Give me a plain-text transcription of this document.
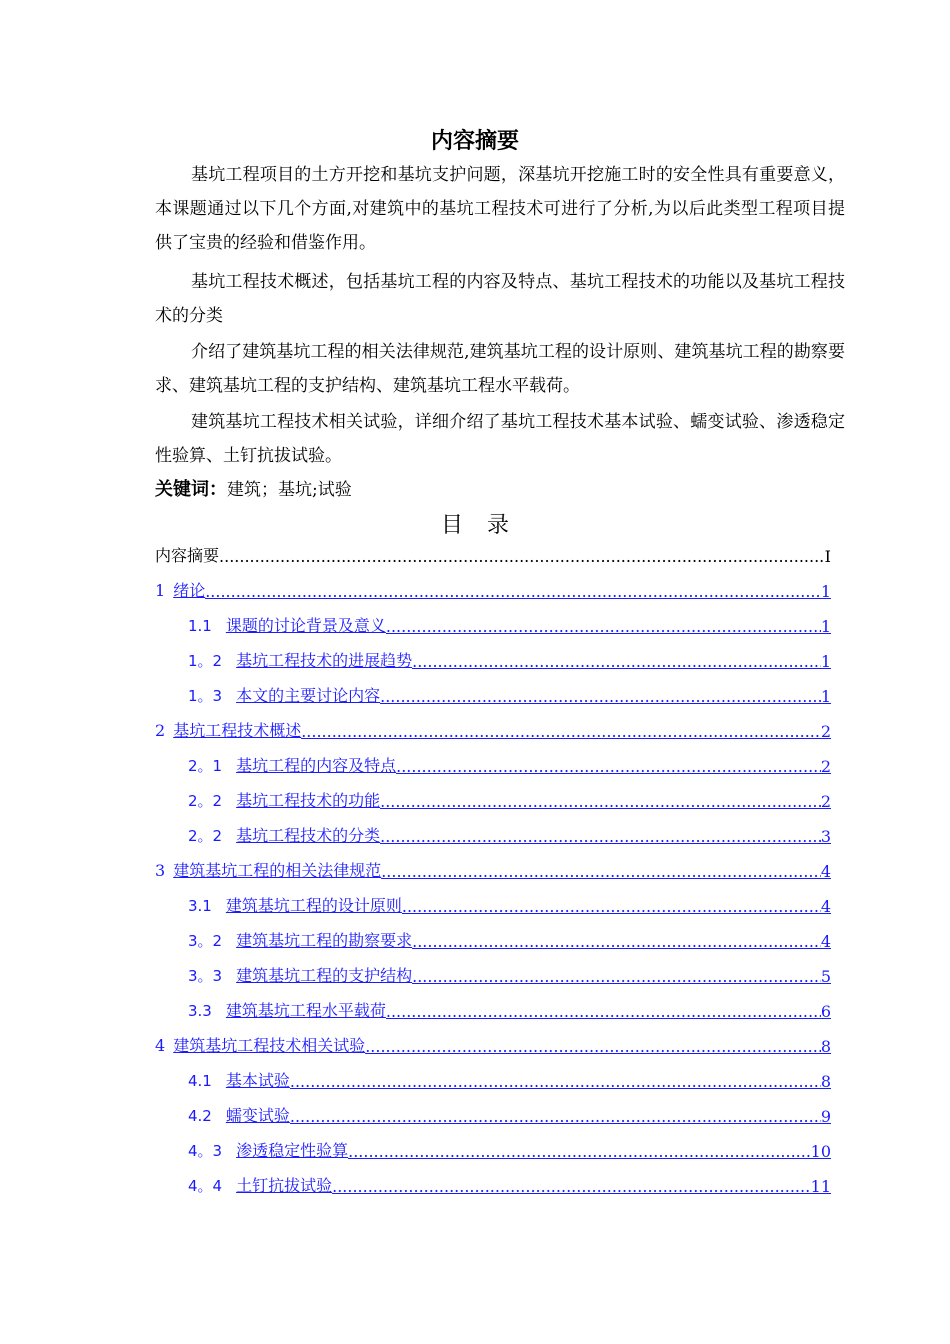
内容摘要

基坑工程项目的土方开挖和基坑支护问题，深基坑开挖施工时的安全性具有重要意义，本课题通过以下几个方面,对建筑中的基坑工程技术可进行了分析,为以后此类型工程项目提供了宝贵的经验和借鉴作用。

基坑工程技术概述，包括基坑工程的内容及特点、基坑工程技术的功能以及基坑工程技术的分类

介绍了建筑基坑工程的相关法律规范,建筑基坑工程的设计原则、建筑基坑工程的勘察要求、建筑基坑工程的支护结构、建筑基坑工程水平载荷。

建筑基坑工程技术相关试验，详细介绍了基坑工程技术基本试验、蠕变试验、渗透稳定性验算、土钉抗拔试验。

关键词：建筑；基坑;试验
目录
内容摘要 .....	I
1 绪论 .....	1
1.1 课题的讨论背景及意义 .....	1
1。2 基坑工程技术的进展趋势 .....	1
1。3 本文的主要讨论内容 .....	1
2 基坑工程技术概述 .....	2
2。1 基坑工程的内容及特点 .....	2
2。2 基坑工程技术的功能 .....	2
2。2 基坑工程技术的分类 .....	3
3 建筑基坑工程的相关法律规范 .....	4
3.1 建筑基坑工程的设计原则 .....	4
3。2 建筑基坑工程的勘察要求 .....	4
3。3 建筑基坑工程的支护结构 .....	5
3.3 建筑基坑工程水平载荷 .....	6
4 建筑基坑工程技术相关试验 .....	8
4.1 基本试验 .....	8
4.2 蠕变试验 .....	9
4。3 渗透稳定性验算 .....	10
4。4 土钉抗拔试验 .....	11
